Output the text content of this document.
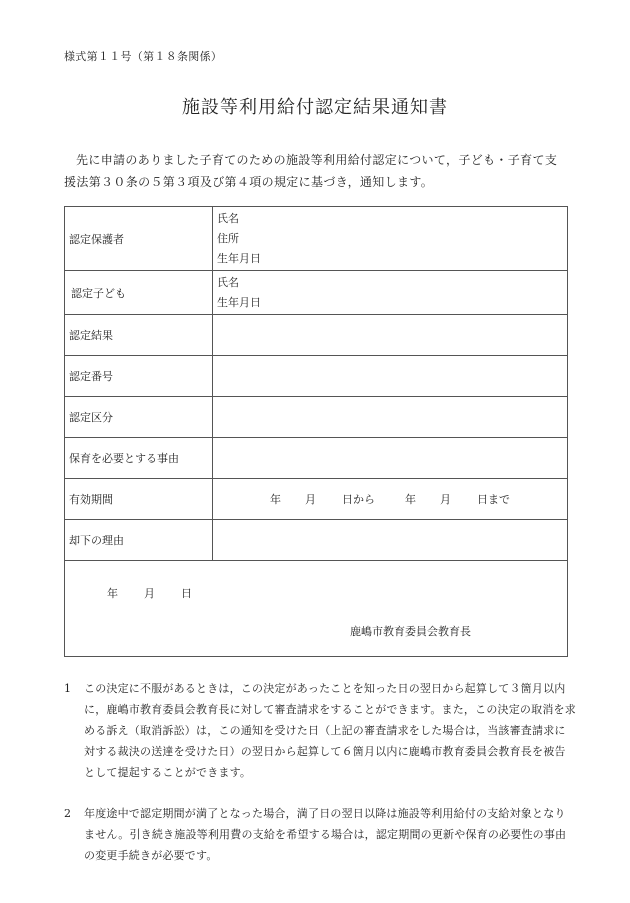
様式第１１号（第１８条関係）
施設等利用給付認定結果通知書
先に申請のありました子育てのための施設等利用給付認定について，子ども・子育て支援法第３０条の５第３項及び第４項の規定に基づき，通知します。
認定保護者	氏名
住所
生年月日

認定子ども	氏名
生年月日

認定結果	
認定番号	
認定区分	
保育を必要とする事由	
有効期間	年 月 日から 年 月 日まで
却下の理由	

年 月 日
鹿嶋市教育委員会教育長	
1	この決定に不服があるときは，この決定があったことを知った日の翌日から起算して３箇月以内に，鹿嶋市教育委員会教育長に対して審査請求をすることができます。また，この決定の取消を求める訴え（取消訴訟）は，この通知を受けた日（上記の審査請求をした場合は，当該審査請求に対する裁決の送達を受けた日）の翌日から起算して６箇月以内に鹿嶋市教育委員会教育長を被告として提起することができます。
2	年度途中で認定期間が満了となった場合，満了日の翌日以降は施設等利用給付の支給対象となりません。引き続き施設等利用費の支給を希望する場合は，認定期間の更新や保育の必要性の事由の変更手続きが必要です。
